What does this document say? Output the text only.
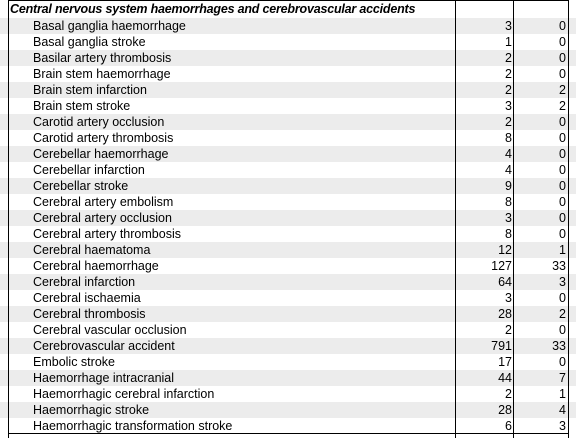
Central nervous system haemorrhages and cerebrovascular accidents
Basal ganglia haemorrhage	3	0
Basal ganglia stroke	1	0
Basilar artery thrombosis	2	0
Brain stem haemorrhage	2	0
Brain stem infarction	2	2
Brain stem stroke	3	2
Carotid artery occlusion	2	0
Carotid artery thrombosis	8	0
Cerebellar haemorrhage	4	0
Cerebellar infarction	4	0
Cerebellar stroke	9	0
Cerebral artery embolism	8	0
Cerebral artery occlusion	3	0
Cerebral artery thrombosis	8	0
Cerebral haematoma	12	1
Cerebral haemorrhage	127	33
Cerebral infarction	64	3
Cerebral ischaemia	3	0
Cerebral thrombosis	28	2
Cerebral vascular occlusion	2	0
Cerebrovascular accident	791	33
Embolic stroke	17	0
Haemorrhage intracranial	44	7
Haemorrhagic cerebral infarction	2	1
Haemorrhagic stroke	28	4
Haemorrhagic transformation stroke	6	3
